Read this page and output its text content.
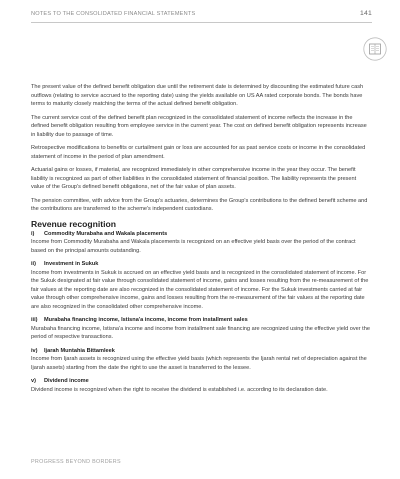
NOTES TO THE CONSOLIDATED FINANCIAL STATEMENTS	141

The present value of the defined benefit obligation due until the retirement date is determined by discounting the estimated future cash outflows (relating to service accrued to the reporting date) using the yields available on US AA rated corporate bonds. The bonds have terms to maturity closely matching the terms of the actual defined benefit obligation.

The current service cost of the defined benefit plan recognized in the consolidated statement of income reflects the increase in the defined benefit obligation resulting from employee service in the current year. The cost on defined benefit obligation represents increase in liability due to passage of time.

Retrospective modifications to benefits or curtailment gain or loss are accounted for as past service costs or income in the consolidated statement of income in the period of plan amendment.

Actuarial gains or losses, if material, are recognized immediately in other comprehensive income in the year they occur. The benefit liability is recognized as part of other liabilities in the consolidated statement of financial position. The liability represents the present value of the Group's defined benefit obligations, net of the fair value of plan assets.

The pension committee, with advice from the Group's actuaries, determines the Group's contributions to the defined benefit scheme and the contributions are transferred to the scheme's independent custodians.

Revenue recognition
i)	Commodity Murabaha and Wakala placements

Income from Commodity Murabaha and Wakala placements is recognized on an effective yield basis over the period of the contract based on the principal amounts outstanding.

ii)	Investment in Sukuk

Income from investments in Sukuk is accrued on an effective yield basis and is recognized in the consolidated statement of income. For the Sukuk designated at fair value through consolidated statement of income, gains and losses resulting from the re-measurement of the fair values at the reporting date are also recognized in the consolidated statement of income. For the Sukuk investments carried at fair value through other comprehensive income, gains and losses resulting from the re-measurement of the fair values at the reporting date are also recognized in the consolidated other comprehensive income.

iii)	Murabaha financing income, Istisna'a income, income from installment sales

Murabaha financing income, Istisna'a income and income from installment sale financing are recognized using the effective yield over the period of respective transactions.

iv)	Ijarah Muntahia Bittamleek

Income from Ijarah assets is recognized using the effective yield basis (which represents the Ijarah rental net of depreciation against the Ijarah assets) starting from the date the right to use the asset is transferred to the lessee.

v)	Dividend income

Dividend income is recognized when the right to receive the dividend is established i.e. according to its declaration date.

PROGRESS BEYOND BORDERS
